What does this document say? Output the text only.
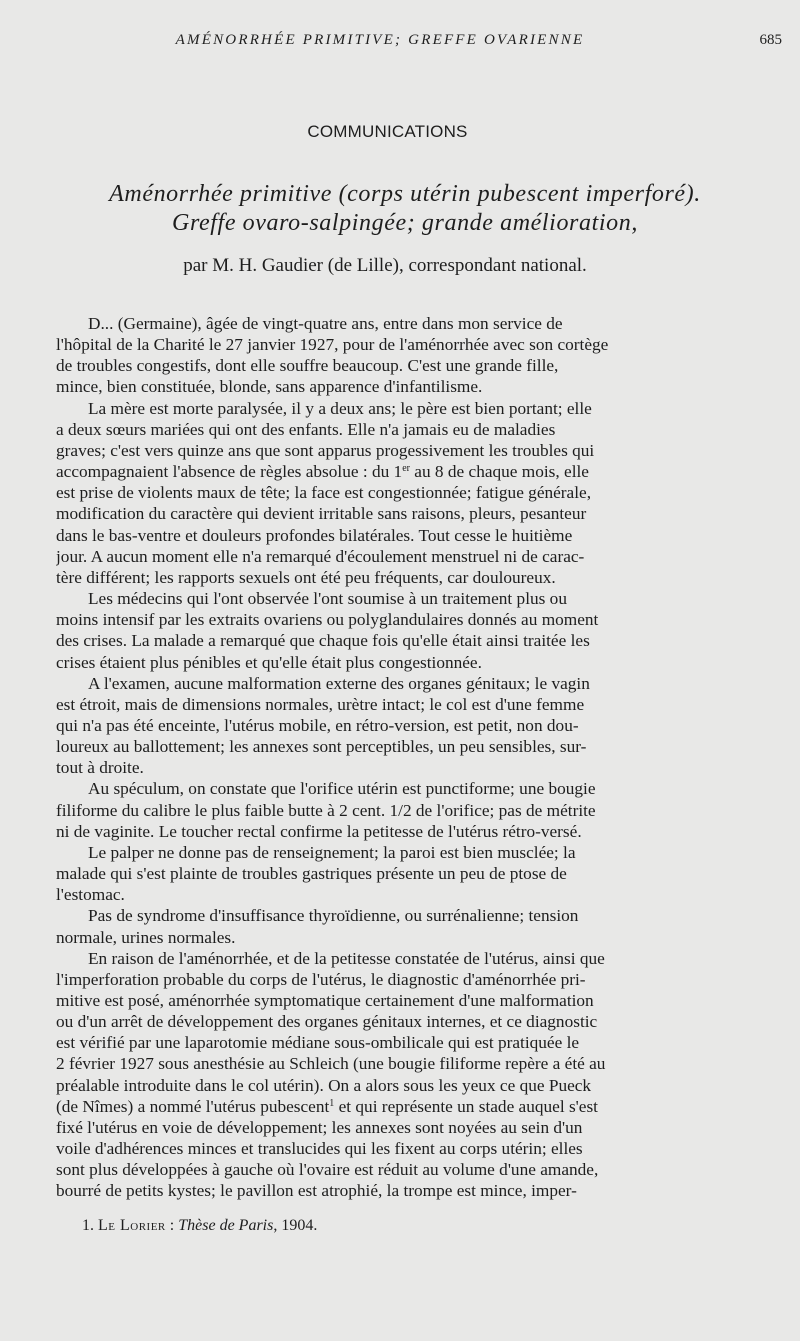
AMÉNORRHÉE PRIMITIVE; GREFFE OVARIENNE	685
COMMUNICATIONS
Aménorrhée primitive (corps utérin pubescent imperforé).
Greffe ovaro-salpingée; grande amélioration,
par M. H. Gaudier (de Lille), correspondant national.
D... (Germaine), âgée de vingt-quatre ans, entre dans mon service de
l'hôpital de la Charité le 27 janvier 1927, pour de l'aménorrhée avec son cortège
de troubles congestifs, dont elle souffre beaucoup. C'est une grande fille,
mince, bien constituée, blonde, sans apparence d'infantilisme.
La mère est morte paralysée, il y a deux ans; le père est bien portant; elle
a deux sœurs mariées qui ont des enfants. Elle n'a jamais eu de maladies
graves; c'est vers quinze ans que sont apparus progessivement les troubles qui
accompagnaient l'absence de règles absolue : du 1er au 8 de chaque mois, elle
est prise de violents maux de tête; la face est congestionnée; fatigue générale,
modification du caractère qui devient irritable sans raisons, pleurs, pesanteur
dans le bas-ventre et douleurs profondes bilatérales. Tout cesse le huitième
jour. A aucun moment elle n'a remarqué d'écoulement menstruel ni de carac-
tère différent; les rapports sexuels ont été peu fréquents, car douloureux.
Les médecins qui l'ont observée l'ont soumise à un traitement plus ou
moins intensif par les extraits ovariens ou polyglandulaires donnés au moment
des crises. La malade a remarqué que chaque fois qu'elle était ainsi traitée les
crises étaient plus pénibles et qu'elle était plus congestionnée.
A l'examen, aucune malformation externe des organes génitaux; le vagin
est étroit, mais de dimensions normales, urètre intact; le col est d'une femme
qui n'a pas été enceinte, l'utérus mobile, en rétro-version, est petit, non dou-
loureux au ballottement; les annexes sont perceptibles, un peu sensibles, sur-
tout à droite.
Au spéculum, on constate que l'orifice utérin est punctiforme; une bougie
filiforme du calibre le plus faible butte à 2 cent. 1/2 de l'orifice; pas de métrite
ni de vaginite. Le toucher rectal confirme la petitesse de l'utérus rétro-versé.
Le palper ne donne pas de renseignement; la paroi est bien musclée; la
malade qui s'est plainte de troubles gastriques présente un peu de ptose de
l'estomac.
Pas de syndrome d'insuffisance thyroïdienne, ou surrénalienne; tension
normale, urines normales.
En raison de l'aménorrhée, et de la petitesse constatée de l'utérus, ainsi que
l'imperforation probable du corps de l'utérus, le diagnostic d'aménorrhée pri-
mitive est posé, aménorrhée symptomatique certainement d'une malformation
ou d'un arrêt de développement des organes génitaux internes, et ce diagnostic
est vérifié par une laparotomie médiane sous-ombilicale qui est pratiquée le
2 février 1927 sous anesthésie au Schleich (une bougie filiforme repère a été au
préalable introduite dans le col utérin). On a alors sous les yeux ce que Pueck
(de Nîmes) a nommé l'utérus pubescent$^1$ et qui représente un stade auquel s'est
fixé l'utérus en voie de développement; les annexes sont noyées au sein d'un
voile d'adhérences minces et translucides qui les fixent au corps utérin; elles
sont plus développées à gauche où l'ovaire est réduit au volume d'une amande,
bourré de petits kystes; le pavillon est atrophié, la trompe est mince, imper-
1. Le Lorier : Thèse de Paris, 1904.
